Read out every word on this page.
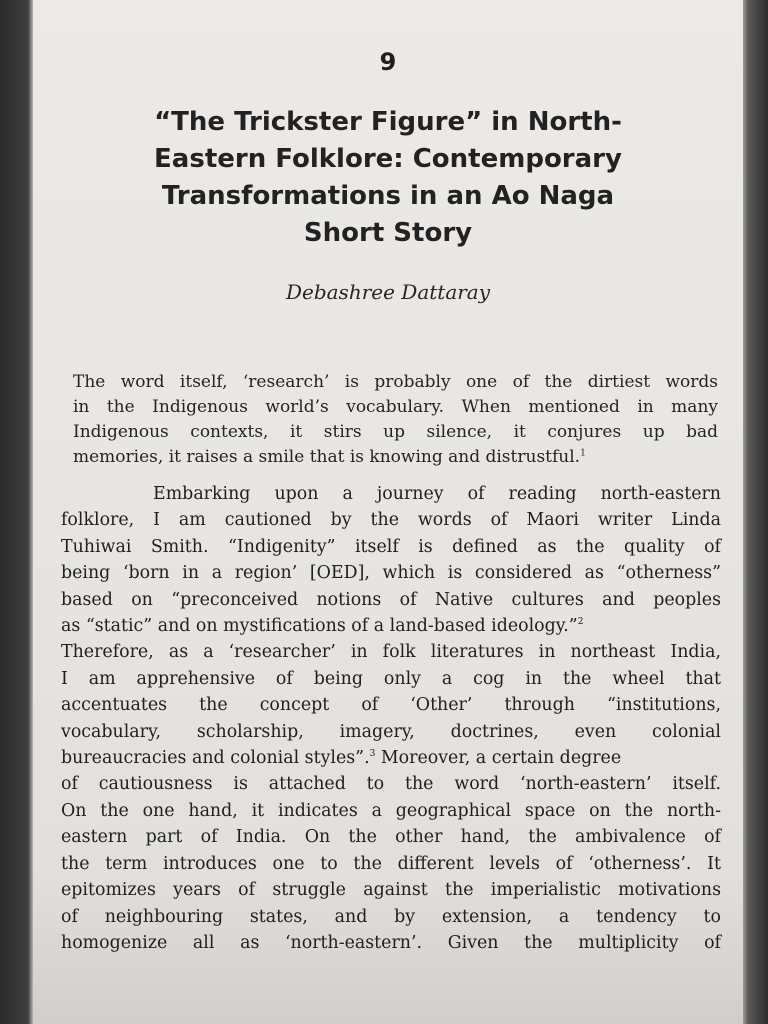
9
“The Trickster Figure” in North-
Eastern Folklore: Contemporary
Transformations in an Ao Naga
Short Story
Debashree Dattaray
The word itself, ‘research’ is probably one of the dirtiest words
in the Indigenous world’s vocabulary. When mentioned in many
Indigenous contexts, it stirs up silence, it conjures up bad
memories, it raises a smile that is knowing and distrustful.$^1$
Embarking upon a journey of reading north-eastern
folklore, I am cautioned by the words of Maori writer Linda
Tuhiwai Smith. “Indigenity” itself is defined as the quality of
being ‘born in a region’ [OED], which is considered as “otherness”
based on “preconceived notions of Native cultures and peoples
as “static” and on mystifications of a land-based ideology.”$^2$
Therefore, as a ‘researcher’ in folk literatures in northeast India,
I am apprehensive of being only a cog in the wheel that
accentuates the concept of ‘Other’ through “institutions,
vocabulary, scholarship, imagery, doctrines, even colonial
bureaucracies and colonial styles”.$^3$ Moreover, a certain degree
of cautiousness is attached to the word ‘north-eastern’ itself.
On the one hand, it indicates a geographical space on the north-
eastern part of India. On the other hand, the ambivalence of
the term introduces one to the different levels of ‘otherness’. It
epitomizes years of struggle against the imperialistic motivations
of neighbouring states, and by extension, a tendency to
homogenize all as ‘north-eastern’. Given the multiplicity of
